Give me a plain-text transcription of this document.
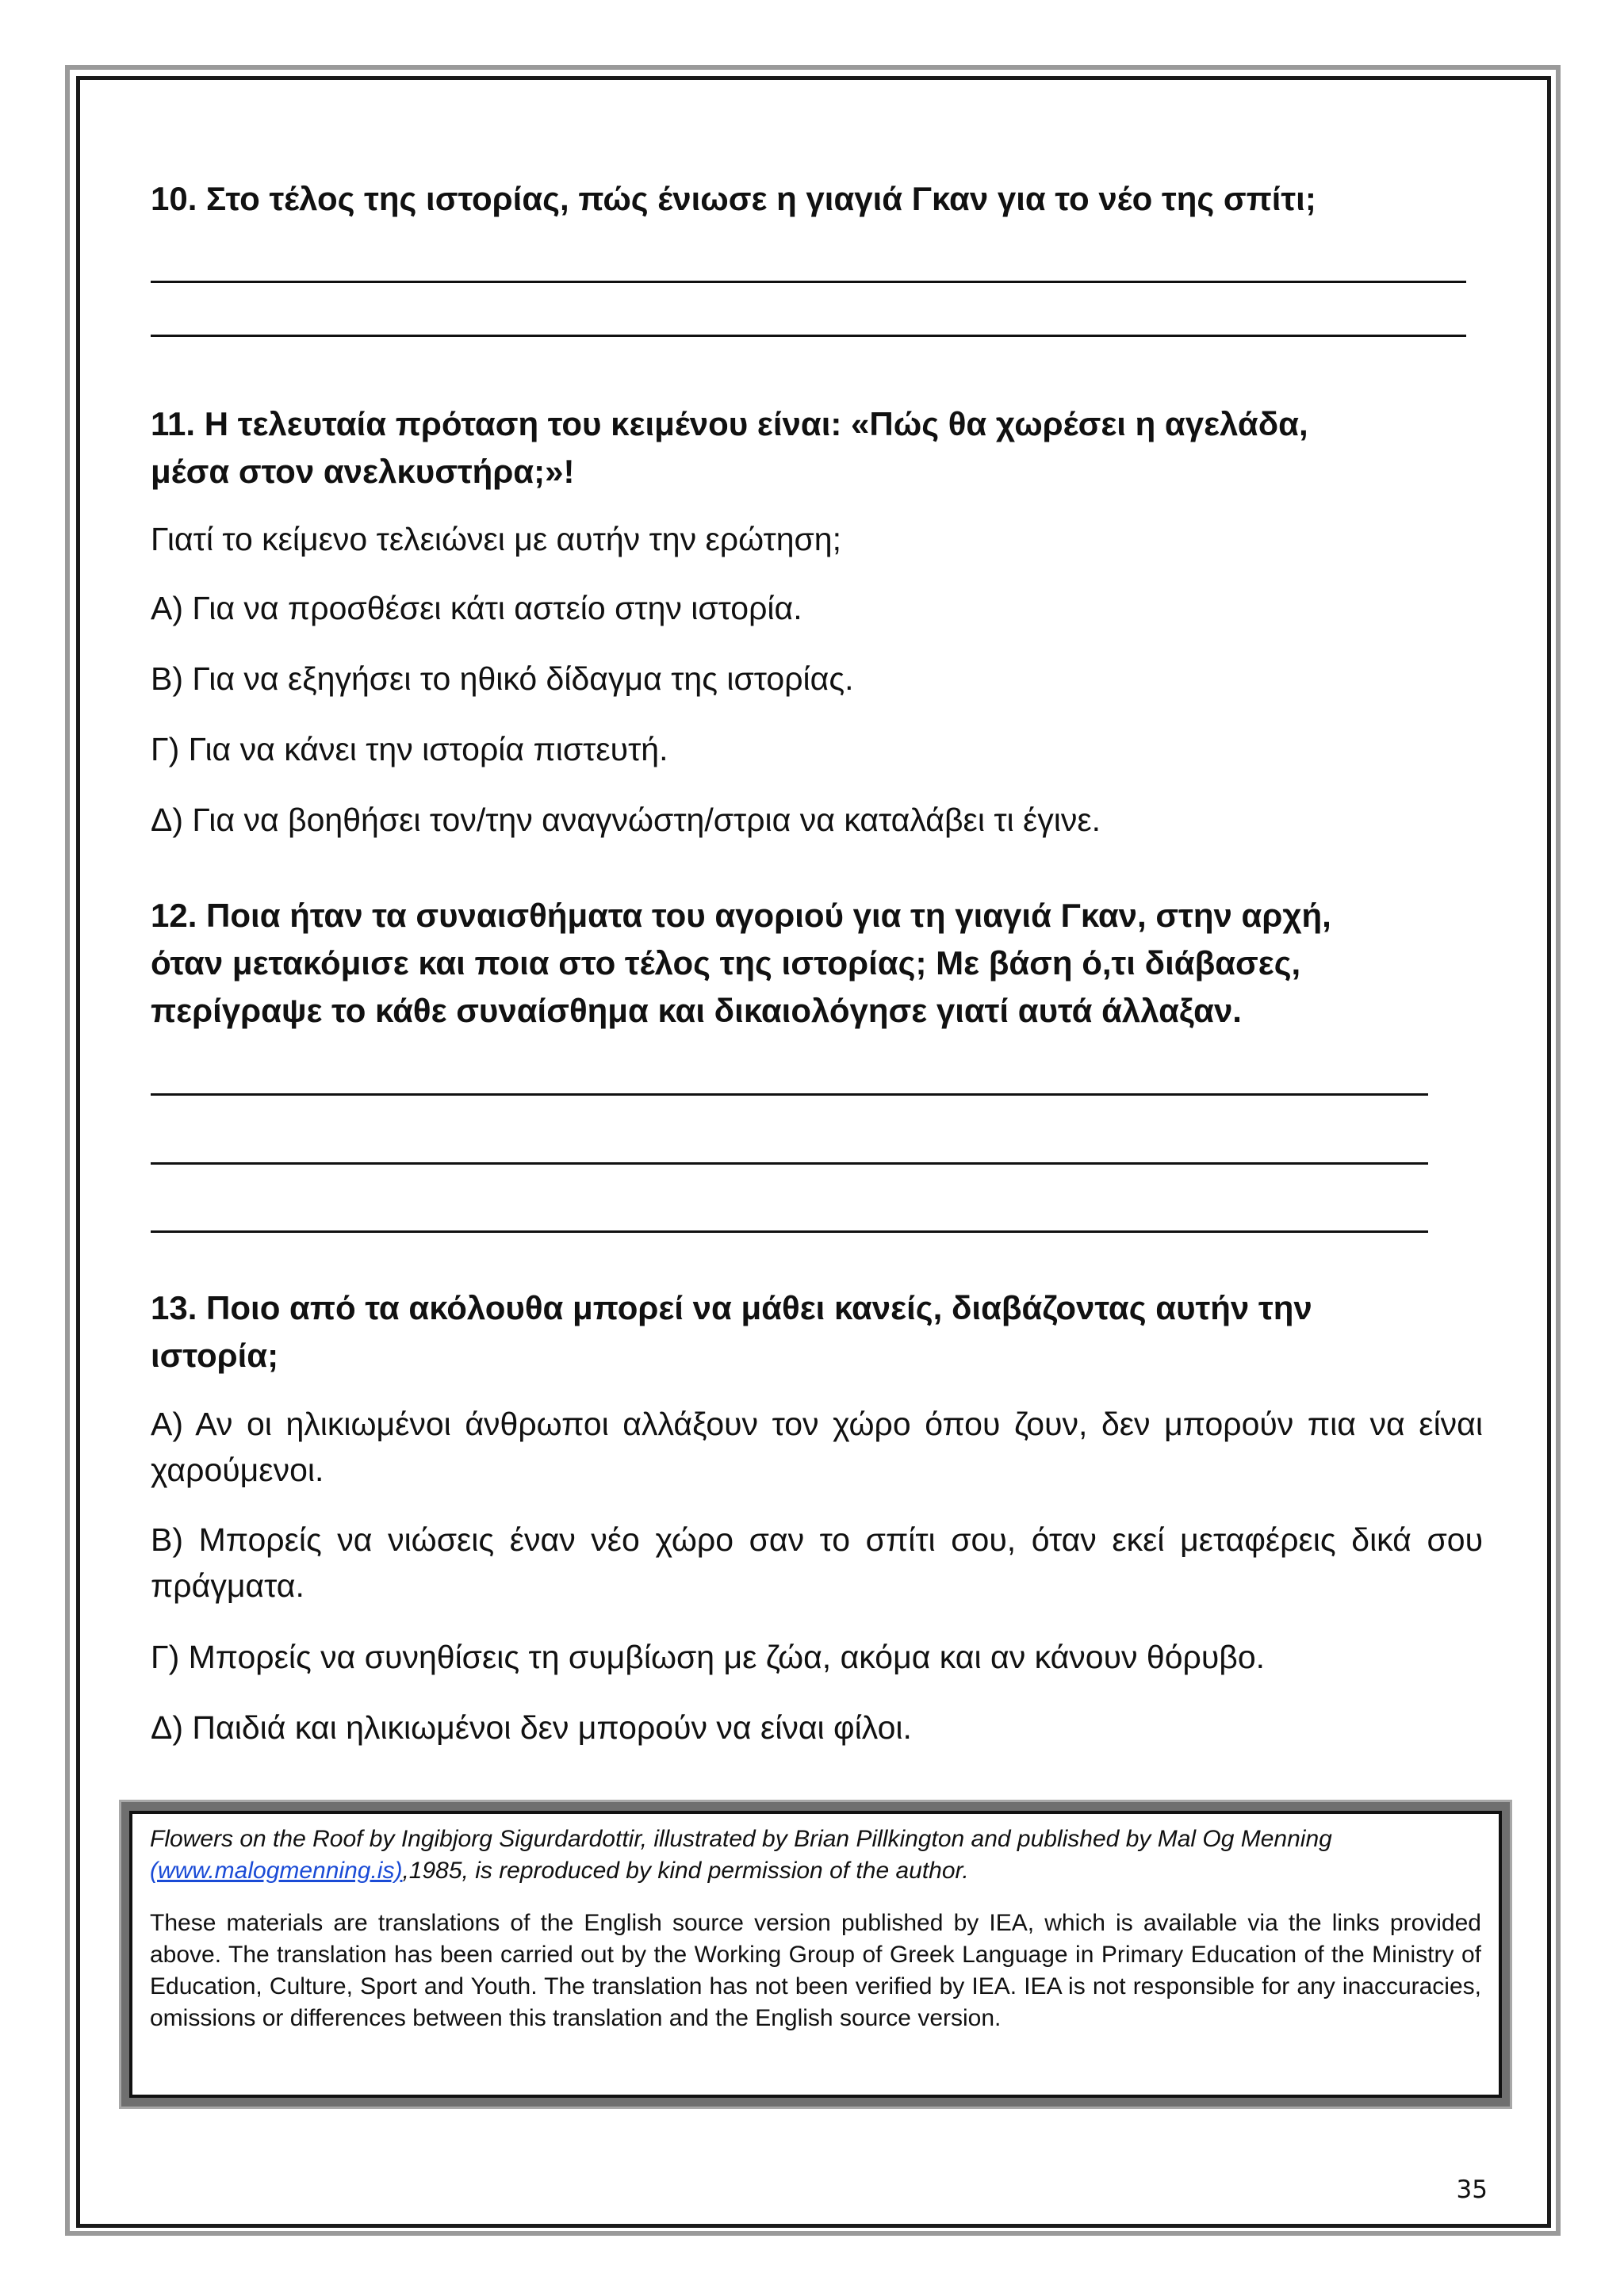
10. Στο τέλος της ιστορίας, πώς ένιωσε η γιαγιά Γκαν για το νέο της σπίτι;
11. Η τελευταία πρόταση του κειμένου είναι: «Πώς θα χωρέσει η αγελάδα,
μέσα στον ανελκυστήρα;»!
Γιατί το κείμενο τελειώνει με αυτήν την ερώτηση;
Α) Για να προσθέσει κάτι αστείο στην ιστορία.
Β) Για να εξηγήσει το ηθικό δίδαγμα της ιστορίας.
Γ) Για να κάνει την ιστορία πιστευτή.
Δ) Για να βοηθήσει τον/την αναγνώστη/στρια να καταλάβει τι έγινε.
12. Ποια ήταν τα συναισθήματα του αγοριού για τη γιαγιά Γκαν, στην αρχή,
όταν μετακόμισε και ποια στο τέλος της ιστορίας; Με βάση ό,τι διάβασες,
περίγραψε το κάθε συναίσθημα και δικαιολόγησε γιατί αυτά άλλαξαν.
13. Ποιο από τα ακόλουθα μπορεί να μάθει κανείς, διαβάζοντας αυτήν την
ιστορία;
Α) Αν οι ηλικιωμένοι άνθρωποι αλλάξουν τον χώρο όπου ζουν, δεν μπορούν πια να είναι χαρούμενοι.
Β) Μπορείς να νιώσεις έναν νέο χώρο σαν το σπίτι σου, όταν εκεί μεταφέρεις δικά σου πράγματα.
Γ) Μπορείς να συνηθίσεις τη συμβίωση με ζώα, ακόμα και αν κάνουν θόρυβο.
Δ) Παιδιά και ηλικιωμένοι δεν μπορούν να είναι φίλοι.

Flowers on the Roof by Ingibjorg Sigurdardottir, illustrated by Brian Pillkington and published by Mal Og Menning (www.malogmenning.is),1985, is reproduced by kind permission of the author.

These materials are translations of the English source version published by IEA, which is available via the links provided above. The translation has been carried out by the Working Group of Greek Language in Primary Education of the Ministry of Education, Culture, Sport and Youth. The translation has not been verified by IEA. IEA is not responsible for any inaccuracies, omissions or differences between this translation and the English source version.

35
